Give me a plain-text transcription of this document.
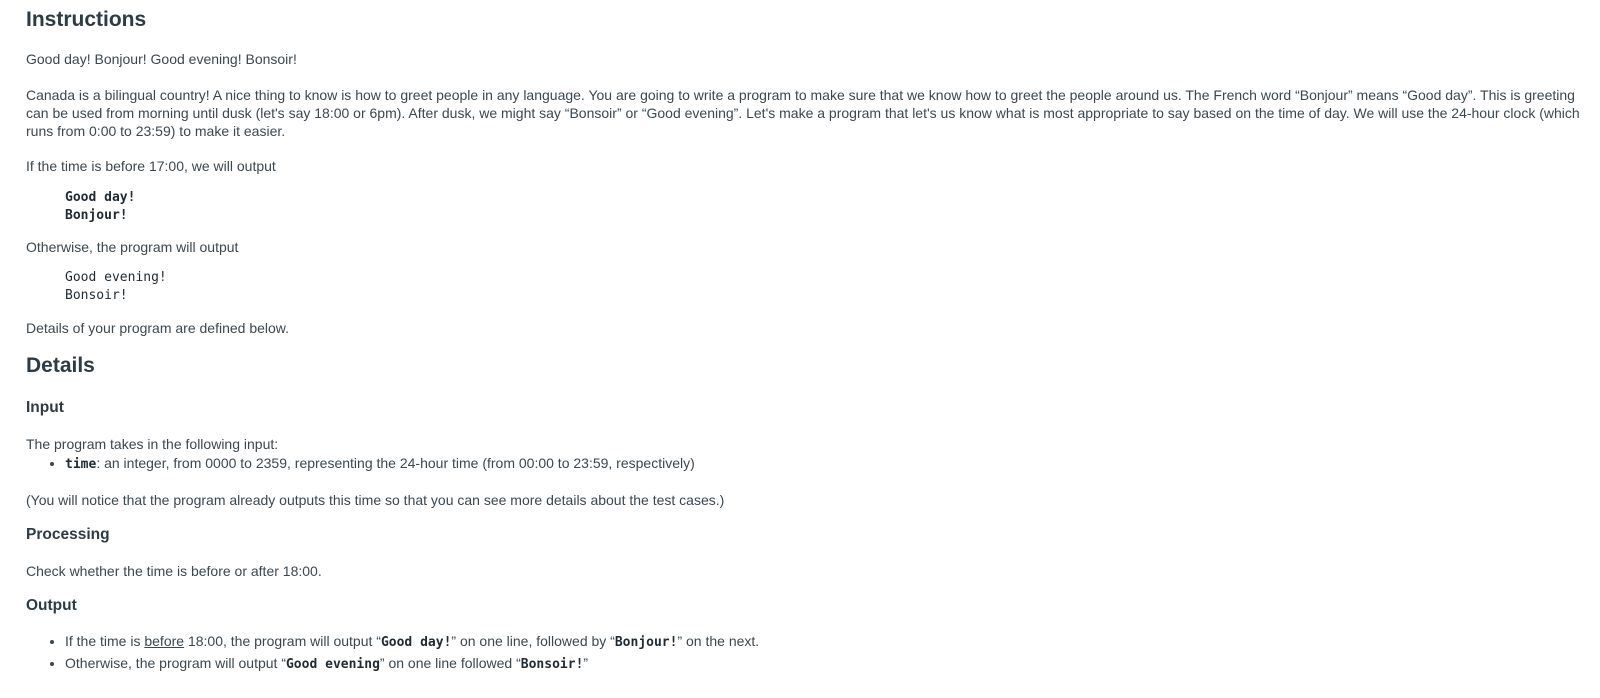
Instructions

Good day! Bonjour! Good evening! Bonsoir!

Canada is a bilingual country! A nice thing to know is how to greet people in any language. You are going to write a program to make sure that we know how to greet the people around us. The French word “Bonjour” means “Good day”. This is greeting can be used from morning until dusk (let's say 18:00 or 6pm). After dusk, we might say “Bonsoir” or “Good evening”. Let's make a program that let's us know what is most appropriate to say based on the time of day. We will use the 24-hour clock (which runs from 0:00 to 23:59) to make it easier.

If the time is before 17:00, we will output

Good day!
Bonjour!

Otherwise, the program will output

Good evening!
Bonsoir!

Details of your program are defined below.

Details
Input

The program takes in the following input:

• time: an integer, from 0000 to 2359, representing the 24-hour time (from 00:00 to 23:59, respectively)

(You will notice that the program already outputs this time so that you can see more details about the test cases.)

Processing

Check whether the time is before or after 18:00.

Output
• If the time is before 18:00, the program will output “Good day!” on one line, followed by “Bonjour!” on the next.
• Otherwise, the program will output “Good evening” on one line followed “Bonsoir!”
